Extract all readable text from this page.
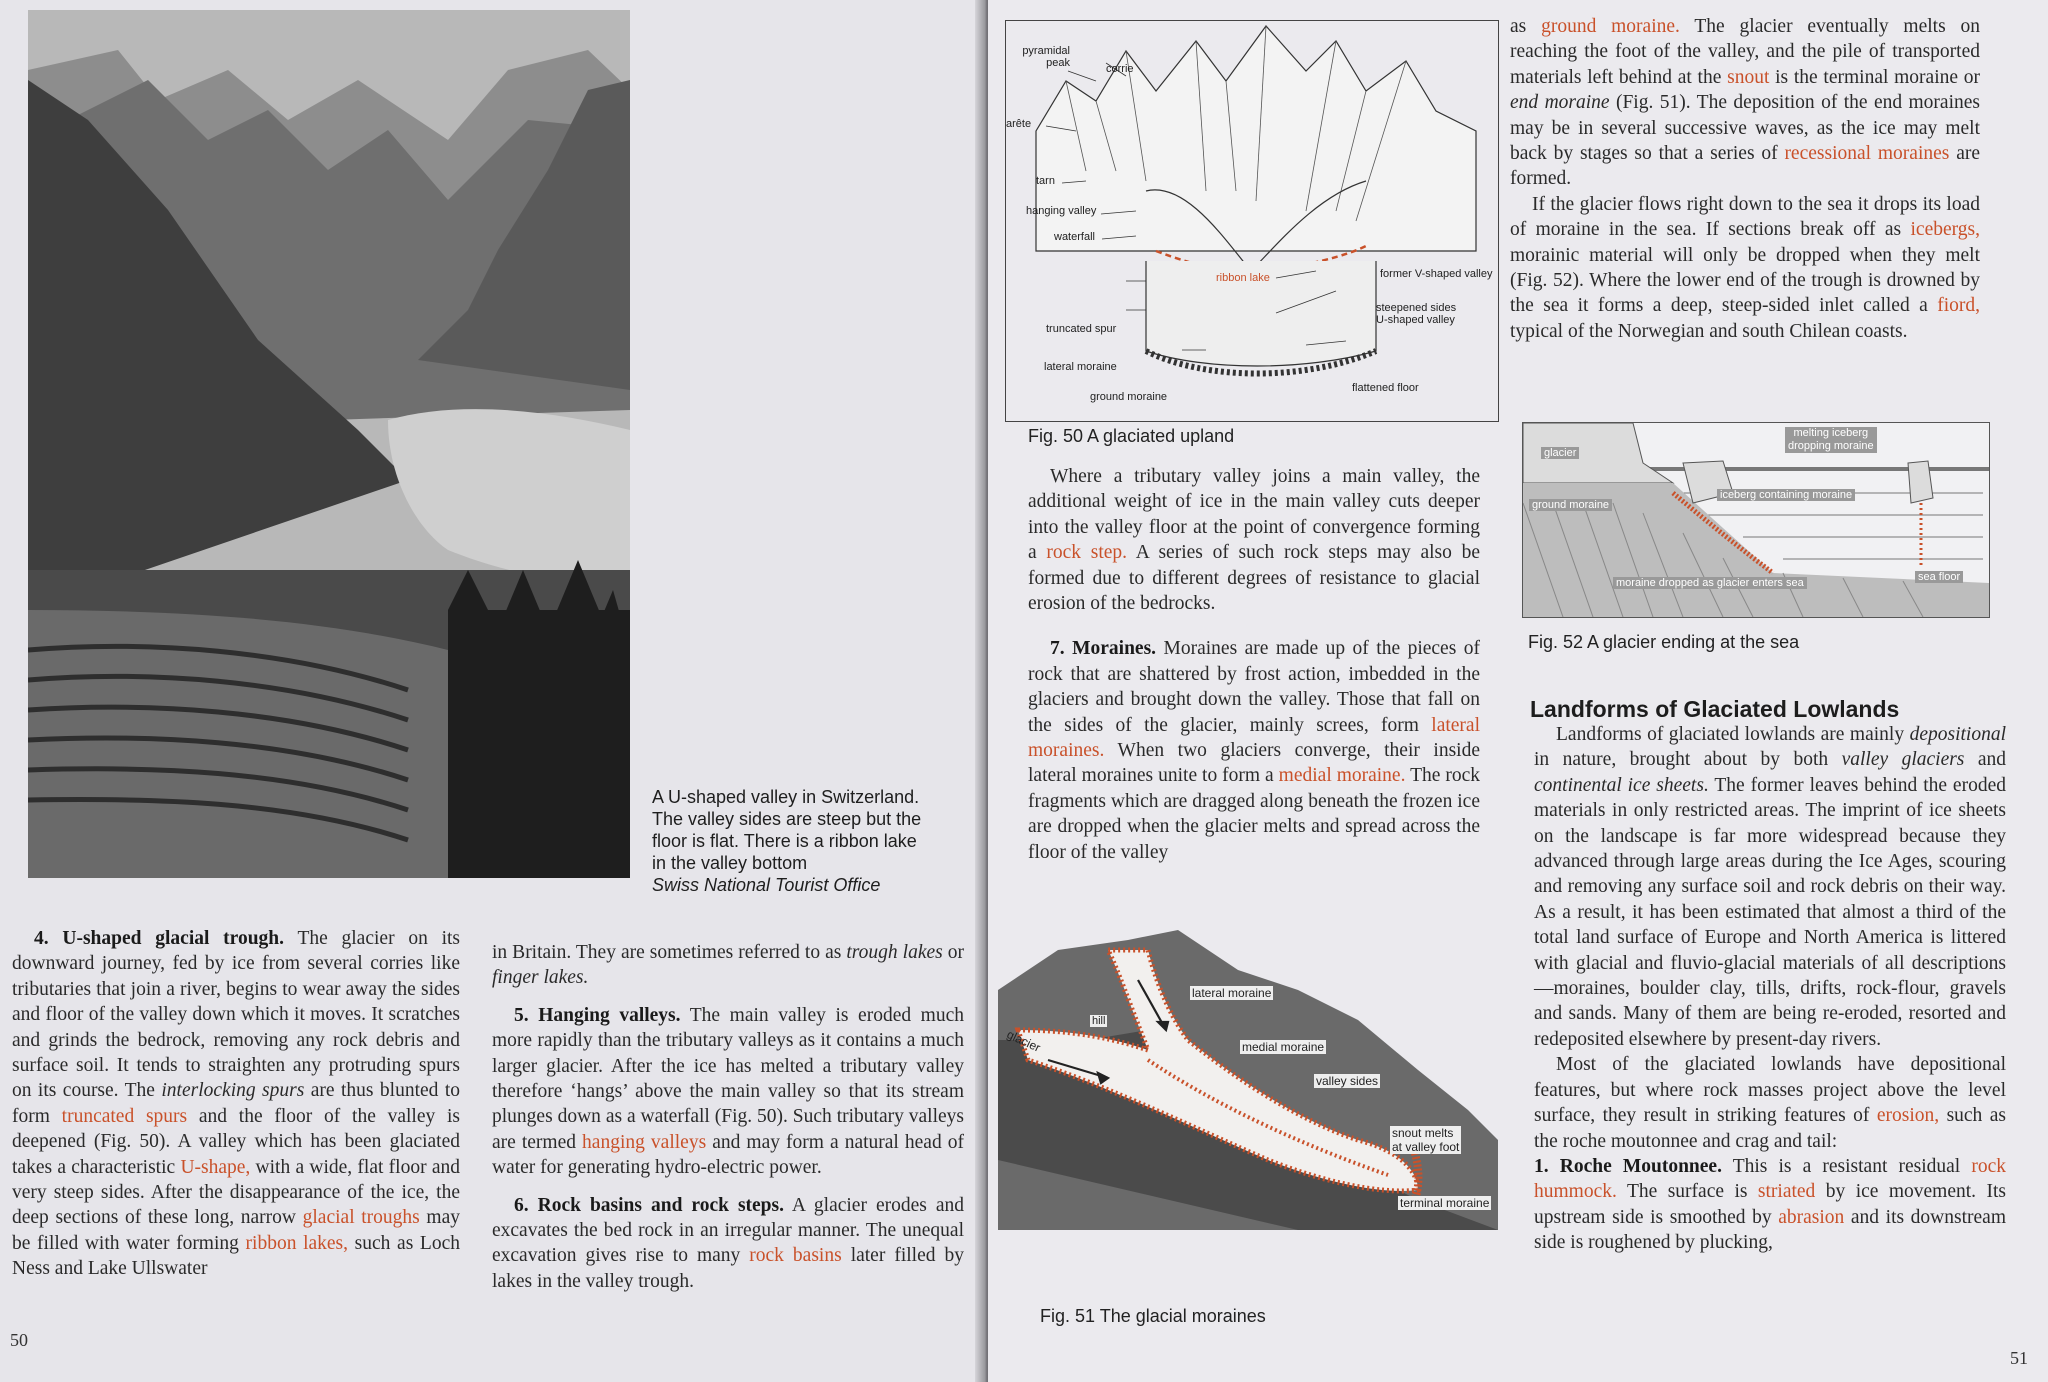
A U-shaped valley in Switzerland.
The valley sides are steep but the
floor is flat. There is a ribbon lake
in the valley bottom
Swiss National Tourist Office

4. U-shaped glacial trough. The glacier on its downward journey, fed by ice from several corries like tributaries that join a river, begins to wear away the sides and floor of the valley down which it moves. It scratches and grinds the bedrock, removing any rock debris and surface soil. It tends to straighten any protruding spurs on its course. The interlocking spurs are thus blunted to form truncated spurs and the floor of the valley is deepened (Fig. 50). A valley which has been glaciated takes a characteristic U-shape, with a wide, flat floor and very steep sides. After the disappearance of the ice, the deep sections of these long, narrow glacial troughs may be filled with water forming ribbon lakes, such as Loch Ness and Lake Ullswater

in Britain. They are sometimes referred to as trough lakes or finger lakes.

5. Hanging valleys. The main valley is eroded much more rapidly than the tributary valleys as it contains a much larger glacier. After the ice has melted a tributary valley therefore ‘hangs’ above the main valley so that its stream plunges down as a waterfall (Fig. 50). Such tributary valleys are termed hanging valleys and may form a natural head of water for generating hydro-electric power.

6. Rock basins and rock steps. A glacier erodes and excavates the bed rock in an irregular manner. The unequal excavation gives rise to many rock basins later filled by lakes in the valley trough.

50
pyramidal
peak	corrie
arête
tarn
hanging valley
waterfall
ribbon lake	former V-shaped valley
steepened sides
U-shaped valley
truncated spur
lateral moraine
ground moraine
flattened floor
Fig. 50 A glaciated upland

Where a tributary valley joins a main valley, the additional weight of ice in the main valley cuts deeper into the valley floor at the point of convergence forming a rock step. A series of such rock steps may also be formed due to different degrees of resistance to glacial erosion of the bedrocks.

7. Moraines. Moraines are made up of the pieces of rock that are shattered by frost action, imbedded in the glaciers and brought down the valley. Those that fall on the sides of the glacier, mainly screes, form lateral moraines. When two glaciers converge, their inside lateral moraines unite to form a medial moraine. The rock fragments which are dragged along beneath the frozen ice are dropped when the glacier melts and spread across the floor of the valley

glacier
hill
lateral moraine
medial moraine
valley sides
snout melts
at valley foot
terminal moraine
Fig. 51 The glacial moraines

as ground moraine. The glacier eventually melts on reaching the foot of the valley, and the pile of transported materials left behind at the snout is the terminal moraine or end moraine (Fig. 51). The deposition of the end moraines may be in several successive waves, as the ice may melt back by stages so that a series of recessional moraines are formed.

If the glacier flows right down to the sea it drops its load of moraine in the sea. If sections break off as icebergs, morainic material will only be dropped when they melt (Fig. 52). Where the lower end of the trough is drowned by the sea it forms a deep, steep-sided inlet called a fiord, typical of the Norwegian and south Chilean coasts.

glacier
ground moraine
melting iceberg
dropping moraine
iceberg containing moraine
moraine dropped as glacier enters sea	sea floor
Fig. 52 A glacier ending at the sea
Landforms of Glaciated Lowlands

Landforms of glaciated lowlands are mainly depositional in nature, brought about by both valley glaciers and continental ice sheets. The former leaves behind the eroded materials in only restricted areas. The imprint of ice sheets on the landscape is far more widespread because they advanced through large areas during the Ice Ages, scouring and removing any surface soil and rock debris on their way. As a result, it has been estimated that almost a third of the total land surface of Europe and North America is littered with glacial and fluvio-glacial materials of all descriptions—moraines, boulder clay, tills, drifts, rock-flour, gravels and sands. Many of them are being re-eroded, resorted and redeposited elsewhere by present-day rivers.

Most of the glaciated lowlands have depositional features, but where rock masses project above the level surface, they result in striking features of erosion, such as the roche moutonnee and crag and tail:

1. Roche Moutonnee. This is a resistant residual rock hummock. The surface is striated by ice movement. Its upstream side is smoothed by abrasion and its downstream side is roughened by plucking,

51
